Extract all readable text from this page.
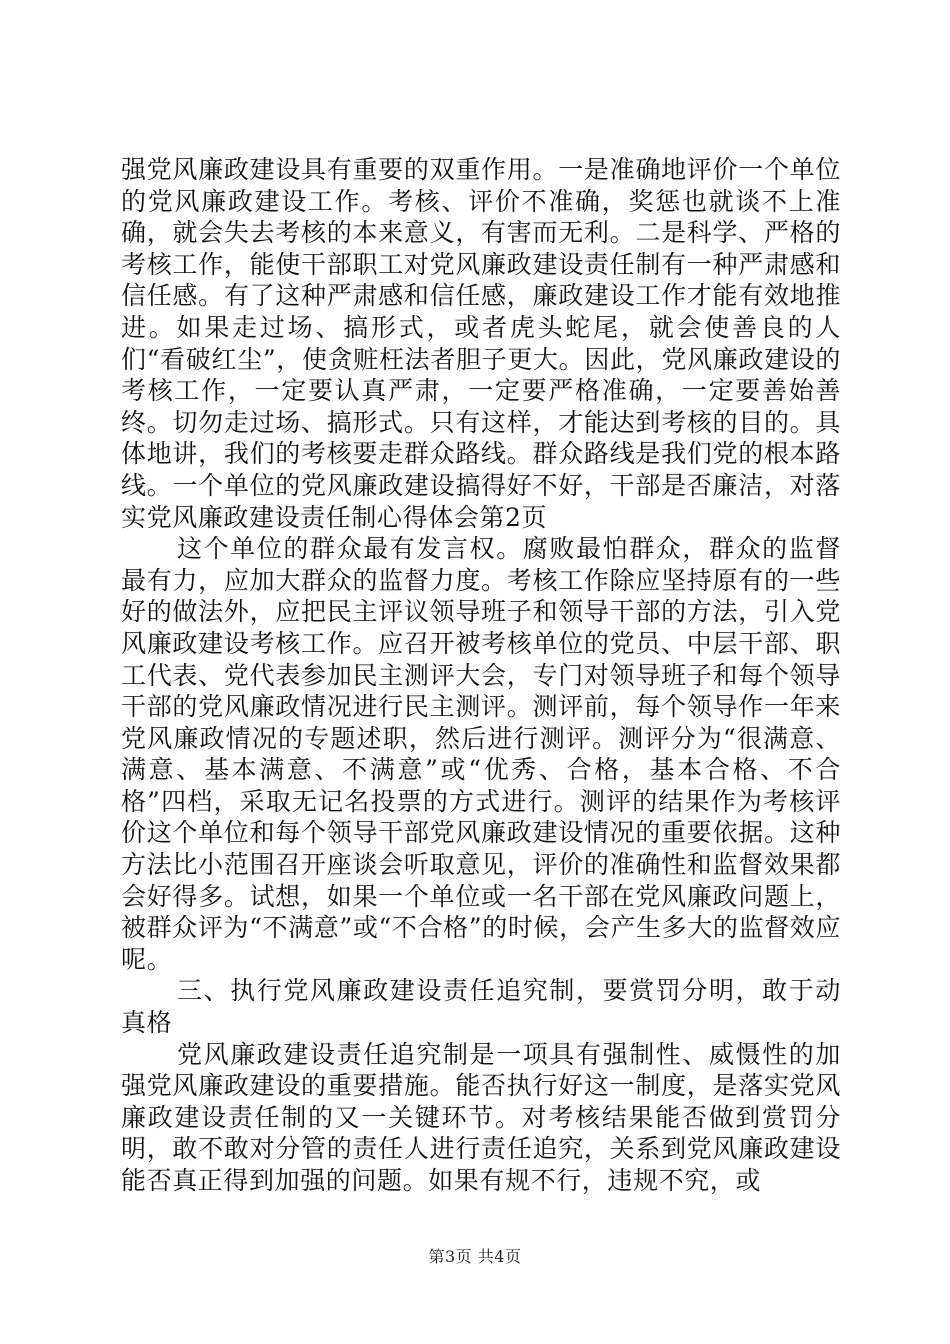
强党风廉政建设具有重要的双重作用。一是准确地评价一个单位的党风廉政建设工作。考核、评价不准确，奖惩也就谈不上准确，就会失去考核的本来意义，有害而无利。二是科学、严格的考核工作，能使干部职工对党风廉政建设责任制有一种严肃感和信任感。有了这种严肃感和信任感，廉政建设工作才能有效地推进。如果走过场、搞形式，或者虎头蛇尾，就会使善良的人们“看破红尘”，使贪赃枉法者胆子更大。因此，党风廉政建设的考核工作，一定要认真严肃，一定要严格准确，一定要善始善终。切勿走过场、搞形式。只有这样，才能达到考核的目的。具体地讲，我们的考核要走群众路线。群众路线是我们党的根本路线。一个单位的党风廉政建设搞得好不好，干部是否廉洁，对落实党风廉政建设责任制心得体会第2页

这个单位的群众最有发言权。腐败最怕群众，群众的监督最有力，应加大群众的监督力度。考核工作除应坚持原有的一些好的做法外，应把民主评议领导班子和领导干部的方法，引入党风廉政建设考核工作。应召开被考核单位的党员、中层干部、职工代表、党代表参加民主测评大会，专门对领导班子和每个领导干部的党风廉政情况进行民主测评。测评前，每个领导作一年来党风廉政情况的专题述职，然后进行测评。测评分为“很满意、满意、基本满意、不满意”或“优秀、合格，基本合格、不合格”四档，采取无记名投票的方式进行。测评的结果作为考核评价这个单位和每个领导干部党风廉政建设情况的重要依据。这种方法比小范围召开座谈会听取意见，评价的准确性和监督效果都会好得多。试想，如果一个单位或一名干部在党风廉政问题上，被群众评为“不满意”或“不合格”的时候，会产生多大的监督效应呢。

三、执行党风廉政建设责任追究制，要赏罚分明，敢于动真格

党风廉政建设责任追究制是一项具有强制性、威慑性的加强党风廉政建设的重要措施。能否执行好这一制度，是落实党风廉政建设责任制的又一关键环节。对考核结果能否做到赏罚分明，敢不敢对分管的责任人进行责任追究，关系到党风廉政建设能否真正得到加强的问题。如果有规不行，违规不究，或

第3页 共4页
